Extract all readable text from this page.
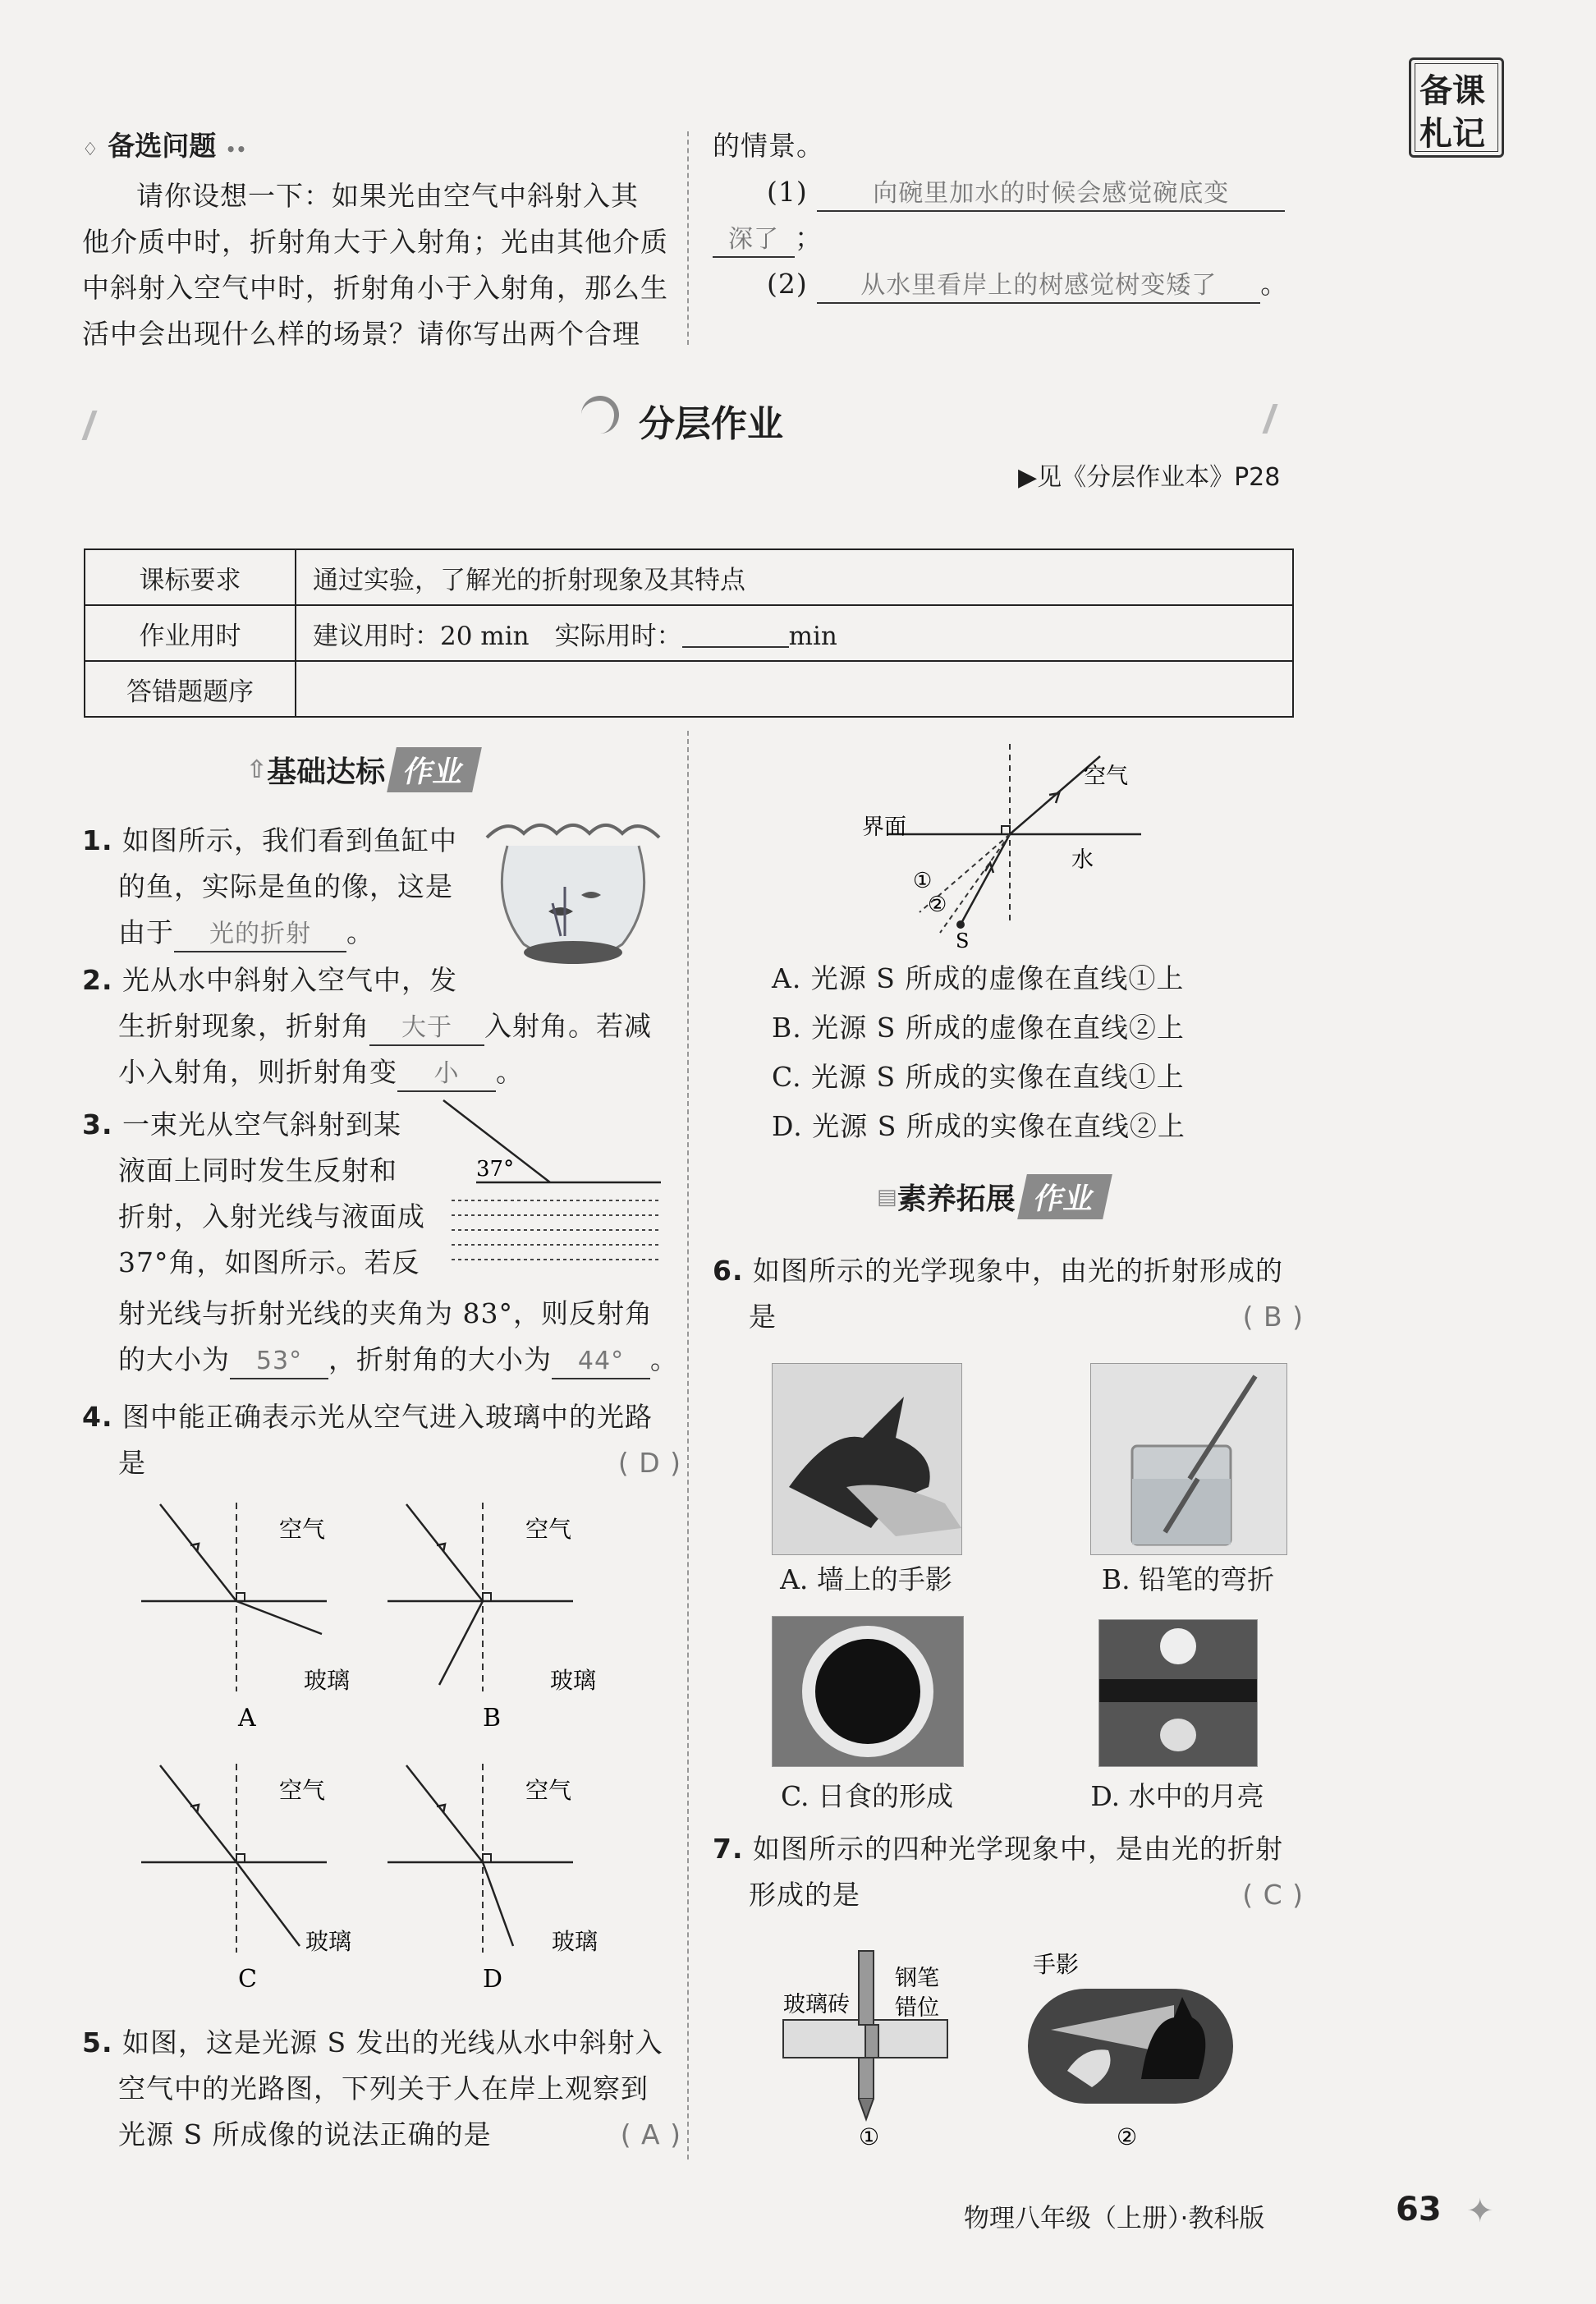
备课
札记
♢ 备选问题 ••
请你设想一下：如果光由空气中斜射入其
他介质中时，折射角大于入射角；光由其他介质
中斜射入空气中时，折射角小于入射角，那么生
活中会出现什么样的场景？请你写出两个合理
的情景。
(1)	向碗里加水的时候会感觉碗底变
深了 ；
(2) 从水里看岸上的树感觉树变矮了 。
分层作业
▶见《分层作业本》P28
课标要求	通过实验，了解光的折射现象及其特点
作业用时	建议用时：20 min　实际用时： min
答错题题序	
⇧ 基础达标 作业
1. 如图所示，我们看到鱼缸中
的鱼，实际是鱼的像，这是
由于 光的折射 。
2. 光从水中斜射入空气中，发
生折射现象，折射角 大于 入射角。若减
小入射角，则折射角变 小 。
3. 一束光从空气斜射到某
液面上同时发生反射和
折射，入射光线与液面成
37°角，如图所示。若反
射光线与折射光线的夹角为 83°，则反射角
的大小为 53° ，折射角的大小为 44° 。
37°
4. 图中能正确表示光从空气进入玻璃中的光路
是	( D )
空气
玻璃
A
空气
玻璃
B
空气
玻璃
C
空气
玻璃
D
5. 如图，这是光源 S 发出的光线从水中斜射入
空气中的光路图，下列关于人在岸上观察到
光源 S 所成像的说法正确的是	( A )
界面
空气
水
①
②
S
A. 光源 S 所成的虚像在直线①上
B. 光源 S 所成的虚像在直线②上
C. 光源 S 所成的实像在直线①上
D. 光源 S 所成的实像在直线②上
▤ 素养拓展 作业
6. 如图所示的光学现象中，由光的折射形成的
是	( B )
A. 墙上的手影	B. 铅笔的弯折
C. 日食的形成	D. 水中的月亮
7. 如图所示的四种光学现象中，是由光的折射
形成的是	( C )
玻璃砖
钢笔
错位
①
手影
②
物理八年级（上册）·教科版	63 ✦
